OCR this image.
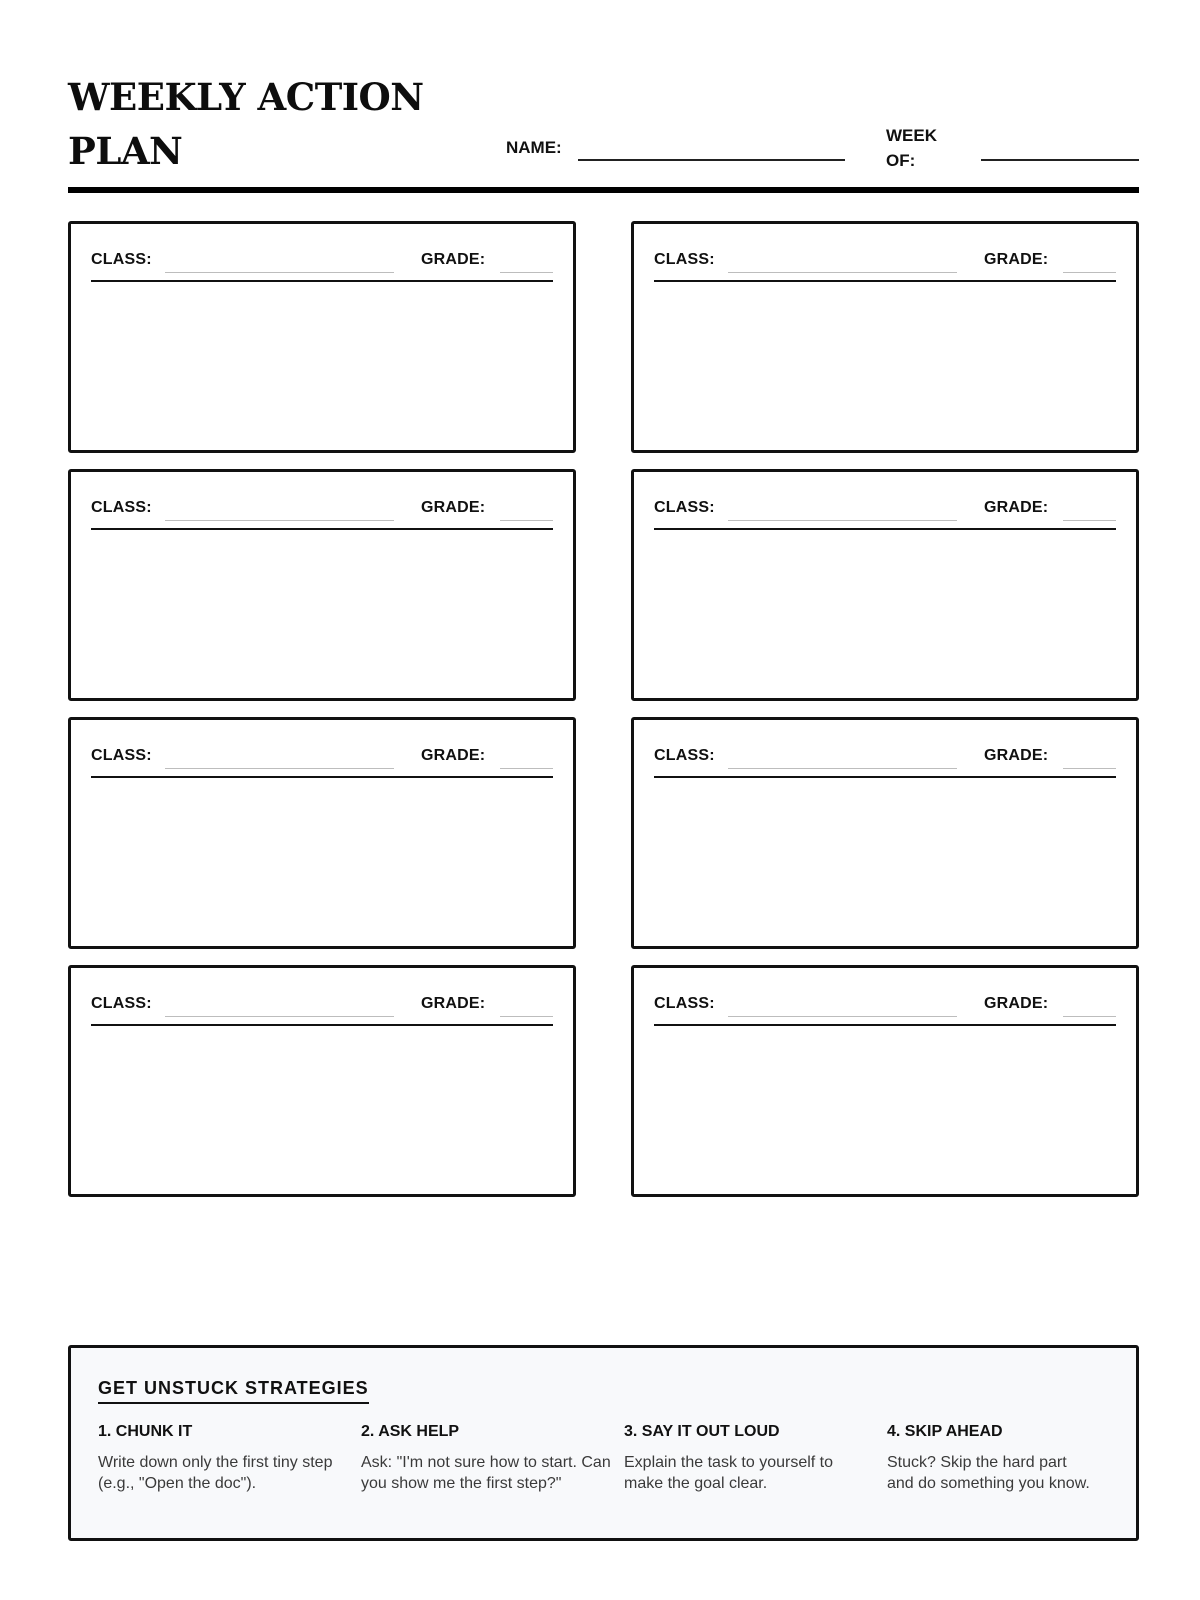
WEEKLY ACTION PLAN	NAME:
WEEK OF:
CLASS:	GRADE:	CLASS:	GRADE:
CLASS:	GRADE:	CLASS:	GRADE:
CLASS:	GRADE:	CLASS:	GRADE:
CLASS:	GRADE:	CLASS:	GRADE:
GET UNSTUCK STRATEGIES
1. CHUNK IT
Write down only the first tiny step (e.g., "Open the doc").
2. ASK HELP
Ask: "I'm not sure how to start. Can you show me the first step?"
3. SAY IT OUT LOUD
Explain the task to yourself to make the goal clear.
4. SKIP AHEAD
Stuck? Skip the hard part and do something you know.
